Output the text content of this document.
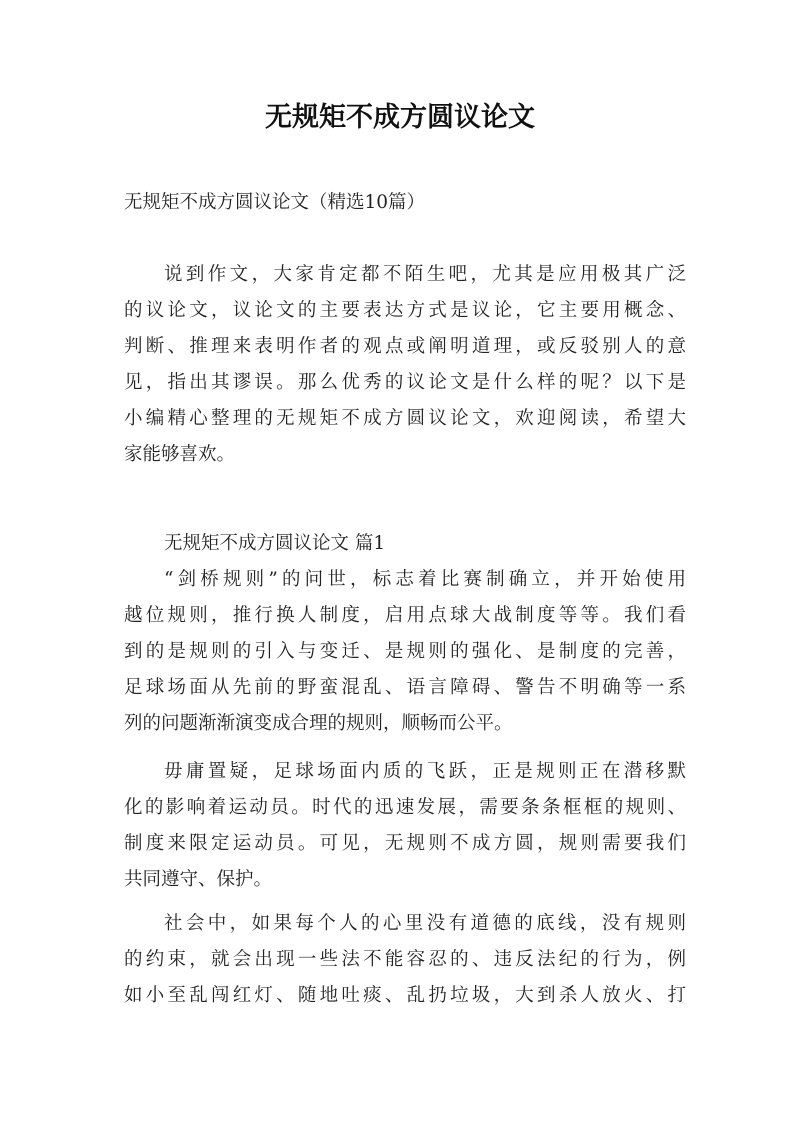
无规矩不成方圆议论文

无规矩不成方圆议论文（精选10篇）

说到作文，大家肯定都不陌生吧，尤其是应用极其广泛
的议论文，议论文的主要表达方式是议论，它主要用概念、
判断、推理来表明作者的观点或阐明道理，或反驳别人的意
见，指出其谬误。那么优秀的议论文是什么样的呢？以下是
小编精心整理的无规矩不成方圆议论文，欢迎阅读，希望大
家能够喜欢。

无规矩不成方圆议论文 篇1

“剑桥规则”的问世，标志着比赛制确立，并开始使用
越位规则，推行换人制度，启用点球大战制度等等。我们看
到的是规则的引入与变迁、是规则的强化、是制度的完善，
足球场面从先前的野蛮混乱、语言障碍、警告不明确等一系
列的问题渐渐演变成合理的规则，顺畅而公平。
毋庸置疑，足球场面内质的飞跃，正是规则正在潜移默
化的影响着运动员。时代的迅速发展，需要条条框框的规则、
制度来限定运动员。可见，无规则不成方圆，规则需要我们
共同遵守、保护。
社会中，如果每个人的心里没有道德的底线，没有规则
的约束，就会出现一些法不能容忍的、违反法纪的行为，例
如小至乱闯红灯、随地吐痰、乱扔垃圾，大到杀人放火、打
